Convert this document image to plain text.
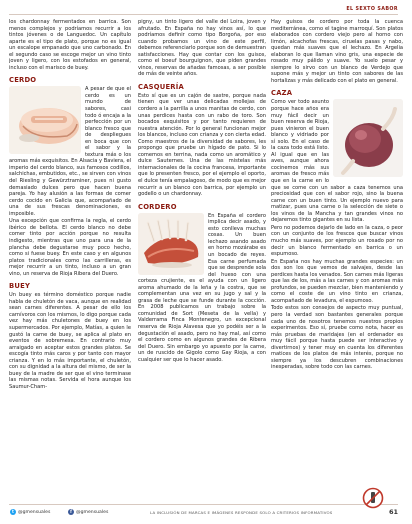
EL SEXTO SABOR

los chardonnay fermentados en barrica. Son menos complejos y podríamos recurrir a los tintos jóvenes o de Languedoc. Un capítulo aparte es el tipo de plato, porque no es igual un escalope empanado que uno carbonado. En el segundo caso se escoge mejor un vino tinto joven y ligero, con los estofados en general, incluso con el marisco de buey.

CERDO

A pesar de que el cerdo es un mundo de sabores, casi todo ó encaja a la perfección por un blanco fresco que de despliegues en boca que con el sabor y la textura más o los aromas más exquisitos. En Alsacia y Baviera, el imperio del cerdo blanco, sus famosos codillos, salchichas, embutidos, etc., se sirven con vinos del Riesling y Gewürztraminer, pues ni gusto demasiado dulces pero que hacen buena pareja. Yo hay alusión a las formas de comer cerdo cocido en Galicia que, acompañado de una de sus frescas denominaciones, es imposible.

Una excepción que confirma la regla, el cerdo ibérico de bellota. El cerdo blanco no debe comer tinto por acción porque no resulta indigesto, mientras que uno para una de la plancha debe degustarse muy poco hecho, como si fuese buey. En este caso y en algunos platos tradicionales como las carrilleras, es mejor recurrir a un tinto, incluso a un gran vino, un reserva de Rioja Ribera del Duero.

BUEY

Un buey es término doméstico porque nadie habla de chuletón de vaca, aunque en realidad sean carnes diferentes. A pesar de ello los carnívoros con los mismos, lo digo porque cada vez hay más chuletones de buey en los supermercados. Por ejemplo, Matías, a quien le gustó la carne de buey, se aplica al plato en eventos de sobremesa. En contrario muy arraigado en aceptar estos grandes platos. Se escogía tinto más caros y por tanto con mayor crianza. Y en lo más importante, el chuletón, con su dignidad a la altura del mismo, de ser la buey de la madre de ser que el vino terminase las mismas notas. Servida el hora aunque los Saumur-Cham-

pigny, un tinto ligero del valle del Loira, joven y afrutado. En España no hay vinos así, lo que podríamos definir como tipo Borgoña, por eso cuando probamos un vino de este perfil, debemos referenciarlo porque son de demuestran satisfacciones. Hay que contar con los guisos, como el boeuf bourguignon, que piden grandes vinos, reservas de añadas famosas, a ser posible de más de veinte años.

CASQUERÍA

Esto sí que es un cajón de sastre, porque nada tienen que ver unas delicadas mollejas de cordero a la parrilla a unos manitas de cerdo, con unas perdices hasta con un rabo de toro. Son bocados exquisitos y por tanto requieren de nuestra atención. Por lo general funcionan mejor los blancos, incluso con crianza y con cierta edad. Como maestros de la diversidad de sabores, les propongo que pruebe un hígado de pato. Si lo comemos en terrina, nada como un aromático y dulce Sauternes. Una de las mistelas más internacionales de la cocina francesa, importante que lo presenten fresco, por el ejemplo el oporto, el dulce tenía empalagoso, de modo que es mejor recurrir a un blanco con barrica, por ejemplo un godello o un chardonnay.

CORDERO

En España el cordero implica decir asado, y esto conlleva muchas cosas. Un buen lechazo asando asado en horno mozárabe es un bocado de reyes. Esa carne perfumada que se desprende sola del hueso con una corteza crujiente, es el ayuda con un ligero aroma ahumado de la leña y la costra, que se complementan una vez en su jugo y sal y la grasa de leche que se funde durante la cocción. En 2008 publicamos un trabajo sobre la comunidad de Sort (Meseta de la vella) y Valderrama Finca Montenegro, un excepcional reserva de Rioja Alavesa que yo podéis ser a la degustación el asado, pero no hay mal, así como el cordero como en algunos grandes de Ribera del Duero. Sin embargo yo apuesto por la carne, un de ruscido de Gigolo como Gay Rioja, a con cualquier ser que lo hacer asado.

Hay guisos de cordero por toda la cuenca mediterránea, como el tagine marroquí. Son platos elaborados con cordero viejo pero al horno con limón, alcachofas frescas, ciruelas pasas y nabo, quedan más suaves que el lechazo. En Argelia elaboran lo que llaman vino gris, una especie de rosado muy pálido y suave. Yo suelo pesar y siempre lo sirvo con un blanco de Verdejo que supone más y mejor un tinto con sabores de las hortalizas y más delicado con el plato en general.

CAZA

Como ver todo asunto porque hace años era muy fácil decir un buen reserva de Rioja, pues vinieron el buen blanco y vidriado por sí solo. En el caso de la caza todo está listo. Al igual que en las aves, aunque ahora cocinemos más sus aromas de fresco más que en la carne en lo que se come con un sabor a caza tenemos una preciosidad que con el sabor rojo, sino la buena carne con un buen tinto. Un ejemplo nuevo para matizar, pues una carne o la selección de siete o los vinos de la Mancha y tan grandes vinos no dejaremos tinto gigantes en su lista.

Pero no podemos dejarlo de lado en la caza, o peor con un conjunto de los frescos que buscar vinos mucho más suaves, por ejemplo un rosado por no decir un blanco fermentado en barrica o un espumoso.

En España nos hay muchas grandes especies: un dos son los que vemos de salvajes, desde las perdices hasta los venados. Son carnes más ligeras que las de los, más a las carnes y con aromas más profundos, se pueden mezclar, bien manteniendo y como el coste de un vino tinto en crianza, acompañado de levadura, el espumoso.

Todo estos son consejos de aspecto muy puntual, pero la verdad son bastantes generales porque cada uno de nosotros tenemos nuestros propios experimentos. Eso sí, pruebe como nota, hacer es más pruebas de maridajes (en el ordenador es muy fácil porque hasta puede ser interactivo y divertirnos) y tener muy en cuenta los diferentes matices de los platos de más interés, porque no siempre ya los descubren combinaciones inesperadas, sobre todo con las carnes.

t @gmensuales	f @gmensuales	LA INCLUSIÓN DE MARCAS E IMÁGENES RESPONDE SOLO A CRITERIOS INFORMATIVOS	61
